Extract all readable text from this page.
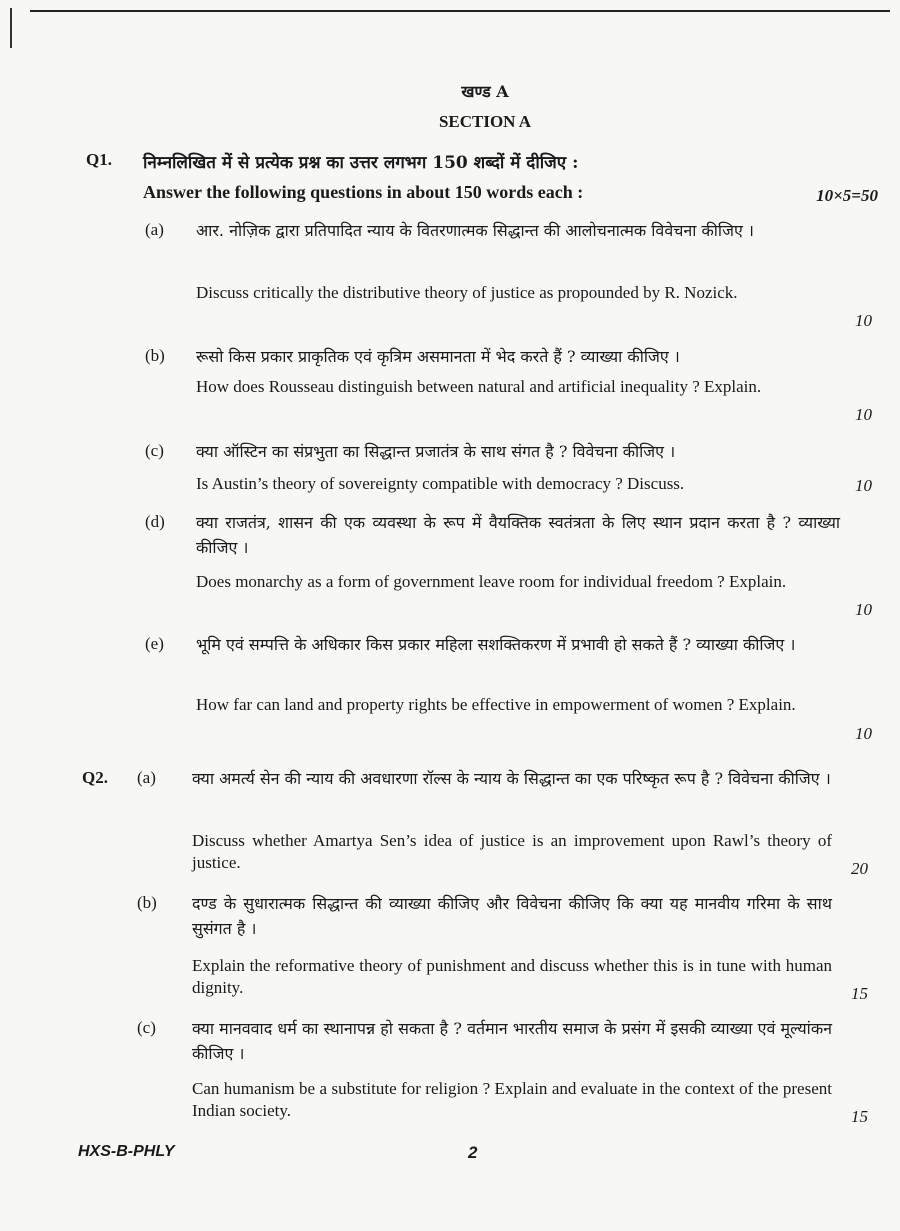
खण्ड A
SECTION A
Q1. निम्नलिखित में से प्रत्येक प्रश्न का उत्तर लगभग 150 शब्दों में दीजिए :
Answer the following questions in about 150 words each :	10×5=50
(a) आर. नोज़िक द्वारा प्रतिपादित न्याय के वितरणात्मक सिद्धान्त की आलोचनात्मक विवेचना कीजिए ।
Discuss critically the distributive theory of justice as propounded by R. Nozick.
10
(b) रूसो किस प्रकार प्राकृतिक एवं कृत्रिम असमानता में भेद करते हैं ? व्याख्या कीजिए ।
How does Rousseau distinguish between natural and artificial inequality ? Explain.
10
(c) क्या ऑस्टिन का संप्रभुता का सिद्धान्त प्रजातंत्र के साथ संगत है ? विवेचना कीजिए ।
Is Austin’s theory of sovereignty compatible with democracy ? Discuss.	10
(d) क्या राजतंत्र, शासन की एक व्यवस्था के रूप में वैयक्तिक स्वतंत्रता के लिए स्थान प्रदान करता है ? व्याख्या कीजिए ।
Does monarchy as a form of government leave room for individual freedom ? Explain.
10
(e) भूमि एवं सम्पत्ति के अधिकार किस प्रकार महिला सशक्तिकरण में प्रभावी हो सकते हैं ? व्याख्या कीजिए ।
How far can land and property rights be effective in empowerment of women ? Explain.
10
Q2. (a) क्या अमर्त्य सेन की न्याय की अवधारणा रॉल्स के न्याय के सिद्धान्त का एक परिष्कृत रूप है ? विवेचना कीजिए ।
Discuss whether Amartya Sen’s idea of justice is an improvement upon Rawl’s theory of justice.	20
(b) दण्ड के सुधारात्मक सिद्धान्त की व्याख्या कीजिए और विवेचना कीजिए कि क्या यह मानवीय गरिमा के साथ सुसंगत है ।
Explain the reformative theory of punishment and discuss whether this is in tune with human dignity.	15
(c) क्या मानववाद धर्म का स्थानापन्न हो सकता है ? वर्तमान भारतीय समाज के प्रसंग में इसकी व्याख्या एवं मूल्यांकन कीजिए ।
Can humanism be a substitute for religion ? Explain and evaluate in the context of the present Indian society.	15
HXS-B-PHLY	2
